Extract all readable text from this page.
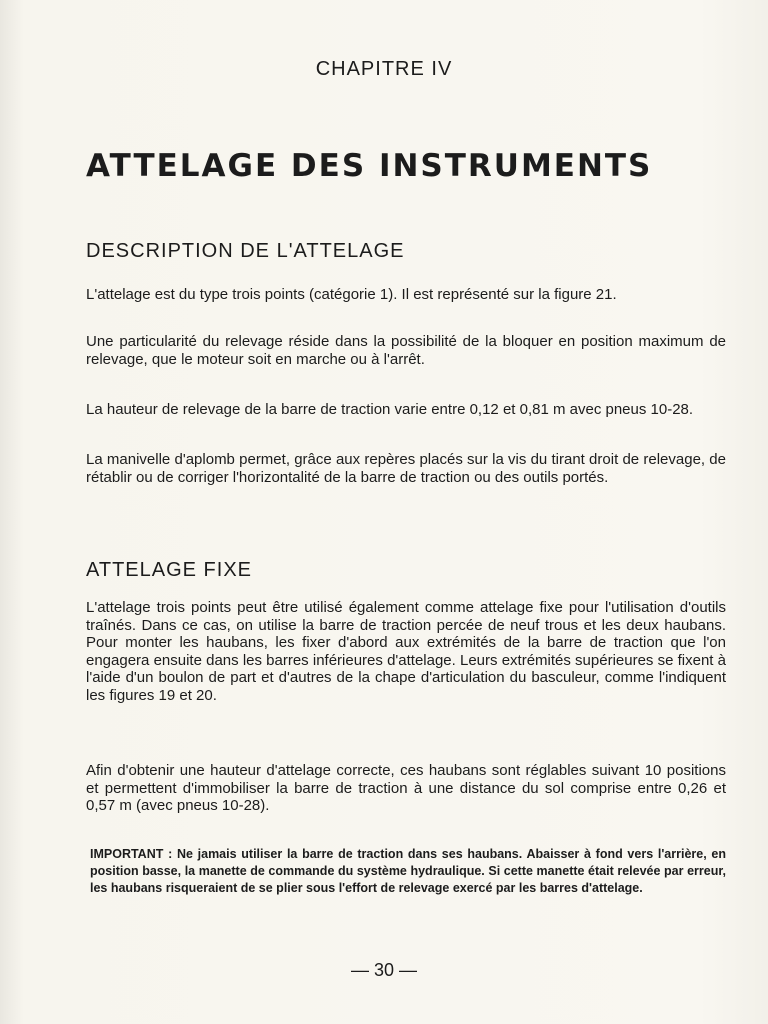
CHAPITRE IV
ATTELAGE DES INSTRUMENTS
DESCRIPTION DE L'ATTELAGE
L'attelage est du type trois points (catégorie 1). Il est représenté sur la figure 21.
Une particularité du relevage réside dans la possibilité de la bloquer en position maximum de relevage, que le moteur soit en marche ou à l'arrêt.
La hauteur de relevage de la barre de traction varie entre 0,12 et 0,81 m avec pneus 10-28.
La manivelle d'aplomb permet, grâce aux repères placés sur la vis du tirant droit de relevage, de rétablir ou de corriger l'horizontalité de la barre de traction ou des outils portés.
ATTELAGE FIXE
L'attelage trois points peut être utilisé également comme attelage fixe pour l'utilisation d'outils traînés. Dans ce cas, on utilise la barre de traction percée de neuf trous et les deux haubans. Pour monter les haubans, les fixer d'abord aux extrémités de la barre de traction que l'on engagera ensuite dans les barres inférieures d'attelage. Leurs extrémités supérieures se fixent à l'aide d'un boulon de part et d'autres de la chape d'articulation du basculeur, comme l'indiquent les figures 19 et 20.
Afin d'obtenir une hauteur d'attelage correcte, ces haubans sont réglables suivant 10 positions et permettent d'immobiliser la barre de traction à une distance du sol comprise entre 0,26 et 0,57 m (avec pneus 10-28).
IMPORTANT : Ne jamais utiliser la barre de traction dans ses haubans. Abaisser à fond vers l'arrière, en position basse, la manette de commande du système hydraulique. Si cette manette était relevée par erreur, les haubans risqueraient de se plier sous l'effort de relevage exercé par les barres d'attelage.
— 30 —
